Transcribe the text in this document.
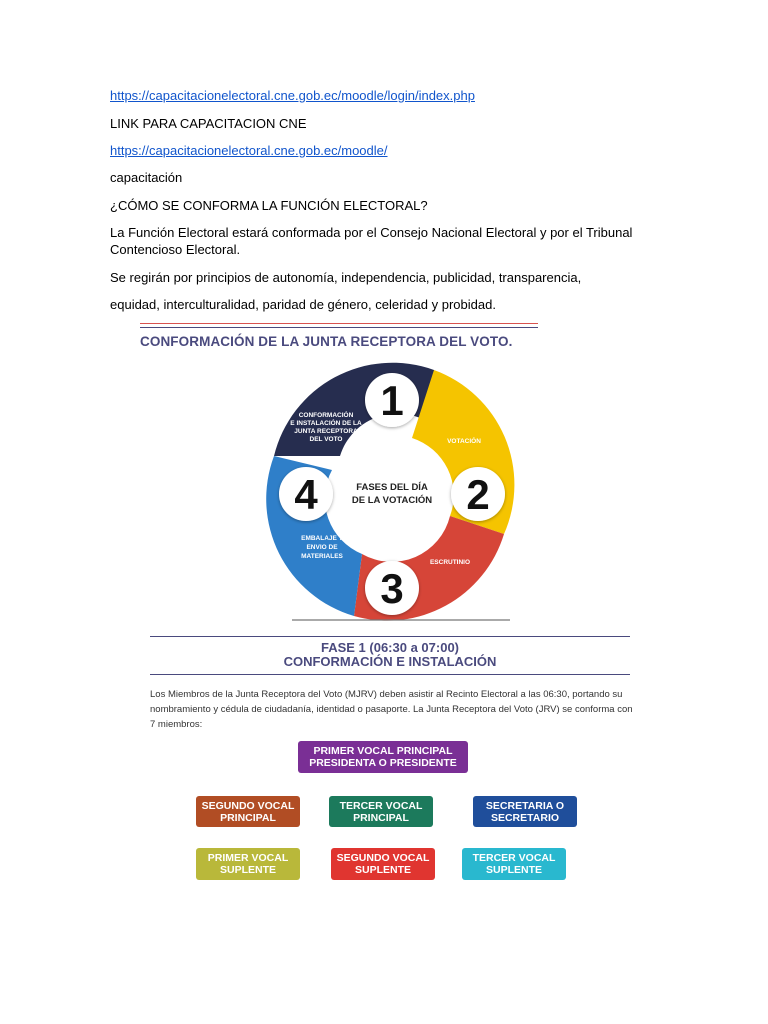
https://capacitacionelectoral.cne.gob.ec/moodle/login/index.php
LINK PARA CAPACITACION CNE
https://capacitacionelectoral.cne.gob.ec/moodle/
capacitación
¿CÓMO SE CONFORMA LA FUNCIÓN ELECTORAL?
La Función Electoral estará conformada por el Consejo Nacional Electoral y por el Tribunal Contencioso Electoral.
Se regirán por principios de autonomía, independencia, publicidad, transparencia,
equidad, interculturalidad, paridad de género, celeridad y probidad.
CONFORMACIÓN DE LA JUNTA RECEPTORA DEL VOTO.
FASES DEL DÍA
DE LA VOTACIÓN
1
2
3
4
CONFORMACIÓN
E INSTALACIÓN DE LA
JUNTA RECEPTORA
DEL VOTO	VOTACIÓN
ESCRUTINIO
EMBALAJE Y
ENVIO DE
MATERIALES
FASE 1 (06:30 a 07:00)
CONFORMACIÓN E INSTALACIÓN
Los Miembros de la Junta Receptora del Voto (MJRV) deben asistir al Recinto Electoral a las 06:30, portando su nombramiento y cédula de ciudadanía, identidad o pasaporte. La Junta Receptora del Voto (JRV) se conforma con 7 miembros:
PRIMER VOCAL PRINCIPAL
PRESIDENTA O PRESIDENTE
SEGUNDO VOCAL
PRINCIPAL
TERCER VOCAL
PRINCIPAL
SECRETARIA O
SECRETARIO
PRIMER VOCAL
SUPLENTE
SEGUNDO VOCAL
SUPLENTE
TERCER VOCAL
SUPLENTE
